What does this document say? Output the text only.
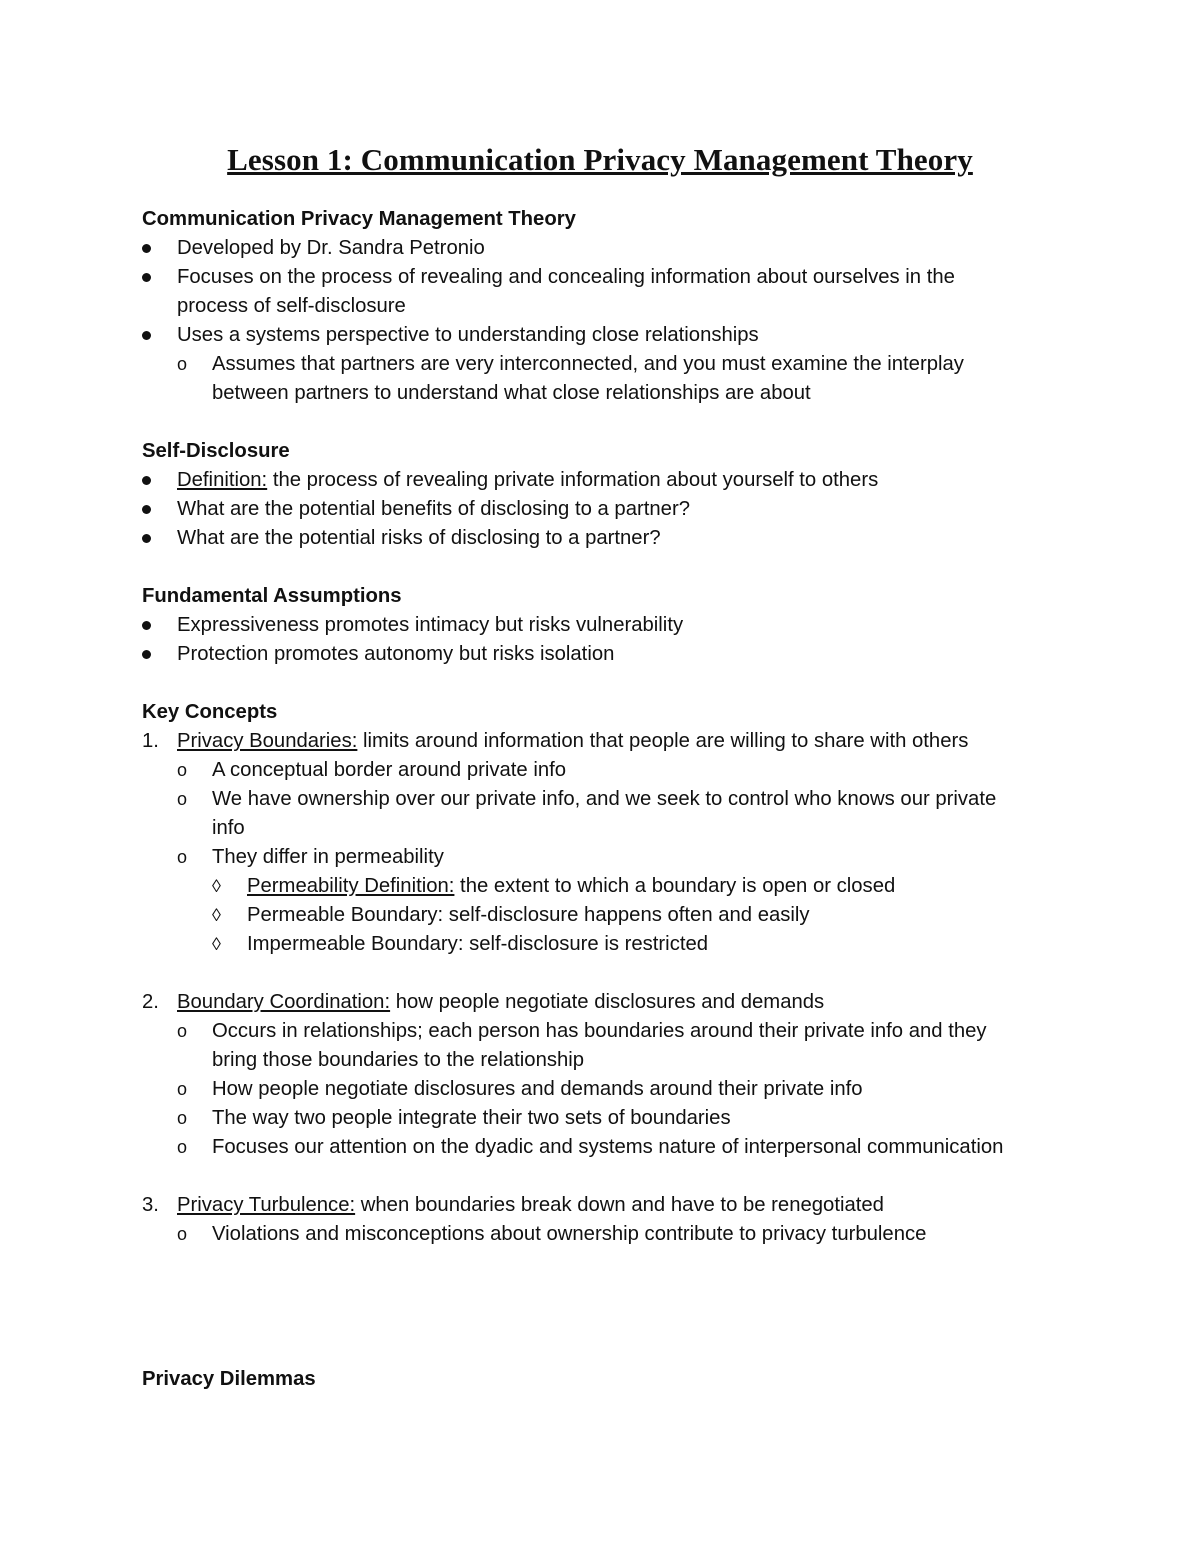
Lesson 1: Communication Privacy Management Theory
Communication Privacy Management Theory
Developed by Dr. Sandra Petronio
Focuses on the process of revealing and concealing information about ourselves in the
process of self-disclosure
Uses a systems perspective to understanding close relationships
o Assumes that partners are very interconnected, and you must examine the interplay
between partners to understand what close relationships are about
Self-Disclosure
Definition: the process of revealing private information about yourself to others
What are the potential benefits of disclosing to a partner?
What are the potential risks of disclosing to a partner?
Fundamental Assumptions
Expressiveness promotes intimacy but risks vulnerability
Protection promotes autonomy but risks isolation
Key Concepts
1. Privacy Boundaries: limits around information that people are willing to share with others
o A conceptual border around private info
o We have ownership over our private info, and we seek to control who knows our private
info
o They differ in permeability
◊ Permeability Definition: the extent to which a boundary is open or closed
◊ Permeable Boundary: self-disclosure happens often and easily
◊ Impermeable Boundary: self-disclosure is restricted
2. Boundary Coordination: how people negotiate disclosures and demands
o Occurs in relationships; each person has boundaries around their private info and they
bring those boundaries to the relationship
o How people negotiate disclosures and demands around their private info
o The way two people integrate their two sets of boundaries
o Focuses our attention on the dyadic and systems nature of interpersonal communication
3. Privacy Turbulence: when boundaries break down and have to be renegotiated
o Violations and misconceptions about ownership contribute to privacy turbulence
Privacy Dilemmas
